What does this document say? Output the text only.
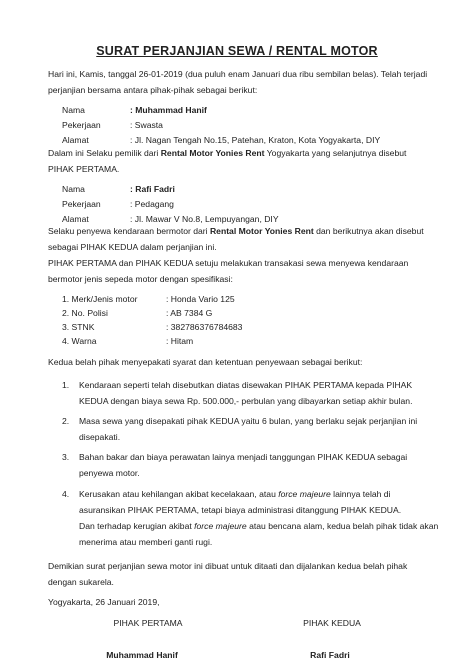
SURAT PERJANJIAN SEWA / RENTAL MOTOR
Hari ini, Kamis, tanggal 26-01-2019 (dua puluh enam Januari dua ribu sembilan belas). Telah terjadi
perjanjian bersama antara pihak-pihak sebagai berikut:
Nama	: Muhammad Hanif
Pekerjaan	: Swasta
Alamat	: Jl. Nagan Tengah No.15, Patehan, Kraton, Kota Yogyakarta, DIY
Dalam ini Selaku pemilik dari Rental Motor Yonies Rent Yogyakarta yang selanjutnya disebut
PIHAK PERTAMA.
Nama	: Rafi Fadri
Pekerjaan	: Pedagang
Alamat	: Jl. Mawar V No.8, Lempuyangan, DIY
Selaku penyewa kendaraan bermotor dari Rental Motor Yonies Rent dan berikutnya akan disebut
sebagai PIHAK KEDUA dalam perjanjian ini.
PIHAK PERTAMA dan PIHAK KEDUA setuju melakukan transakasi sewa menyewa kendaraan
bermotor jenis sepeda motor dengan spesifikasi:
1. Merk/Jenis motor	: Honda Vario 125
2. No. Polisi	: AB 7384 G
3. STNK	: 382786376784683
4. Warna	: Hitam
Kedua belah pihak menyepakati syarat dan ketentuan penyewaan sebagai berikut:
1. Kendaraan seperti telah disebutkan diatas disewakan PIHAK PERTAMA kepada PIHAK
KEDUA dengan biaya sewa Rp. 500.000,- perbulan yang dibayarkan setiap akhir bulan.
2. Masa sewa yang disepakati pihak KEDUA yaitu 6 bulan, yang berlaku sejak perjanjian ini
disepakati.
3. Bahan bakar dan biaya perawatan lainya menjadi tanggungan PIHAK KEDUA sebagai
penyewa motor.
4. Kerusakan atau kehilangan akibat kecelakaan, atau force majeure lainnya telah di
asuransikan PIHAK PERTAMA, tetapi biaya administrasi ditanggung PIHAK KEDUA.
Dan terhadap kerugian akibat force majeure atau bencana alam, kedua belah pihak tidak akan
menerima atau memberi ganti rugi.
Demikian surat perjanjian sewa motor ini dibuat untuk ditaati dan dijalankan kedua belah pihak
dengan sukarela.
Yogyakarta, 26 Januari 2019,
PIHAK PERTAMA	PIHAK KEDUA
Muhammad Hanif	Rafi Fadri
